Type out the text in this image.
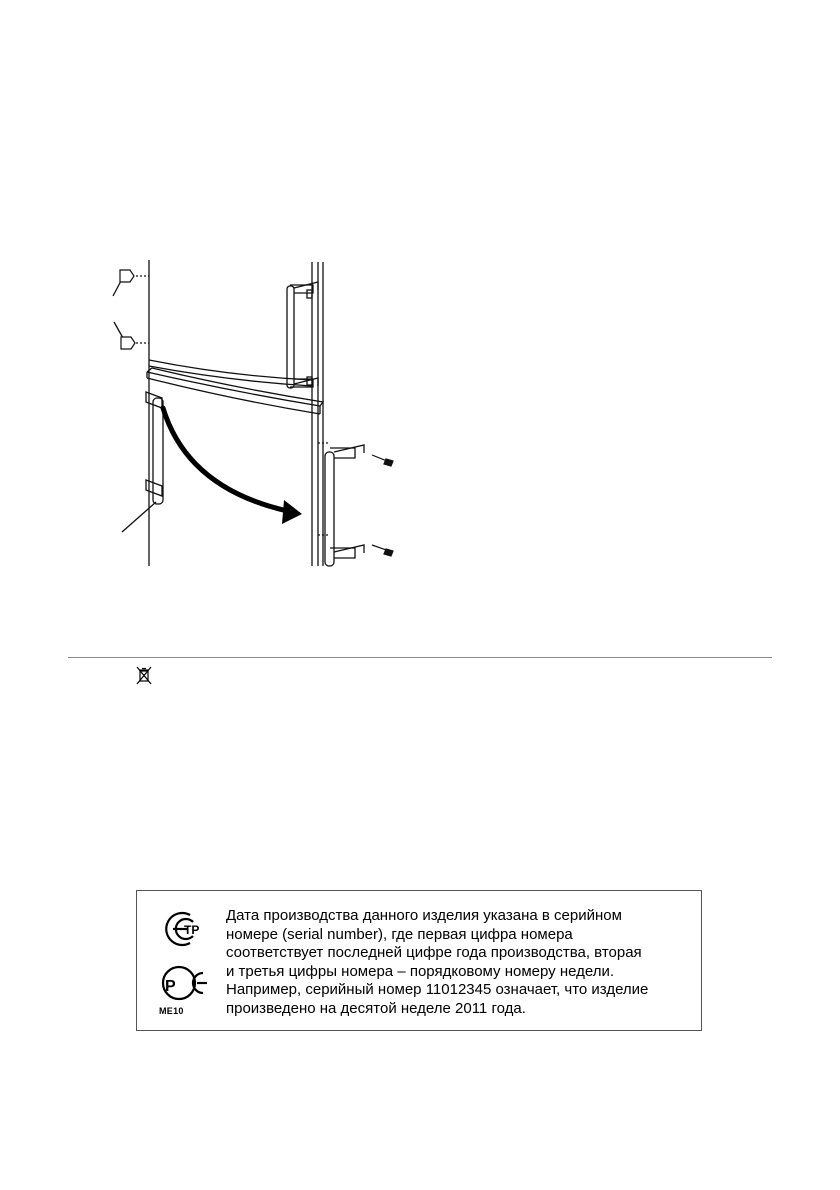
ТР
Р
ME10
Дата производства данного изделия указана в серийном
номере (serial number), где первая цифра номера
соответствует последней цифре года производства, вторая
и третья цифры номера – порядковому номеру недели.
Например, серийный номер 11012345 означает, что изделие
произведено на десятой неделе 2011 года.
